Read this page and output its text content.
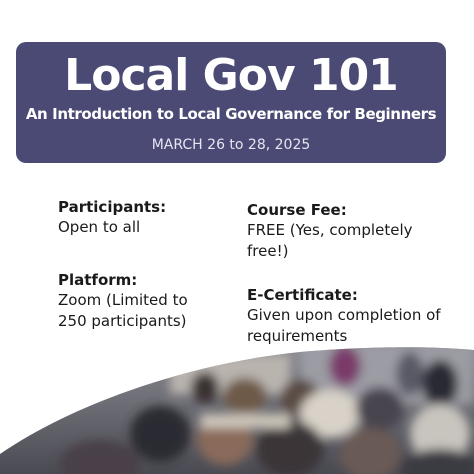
Local Gov 101
An Introduction to Local Governance for Beginners
MARCH 26 to 28, 2025
Participants:
Open to all
Platform:
Zoom (Limited to
250 participants)
Course Fee:
FREE (Yes, completely
free!)
E-Certificate:
Given upon completion of
requirements
